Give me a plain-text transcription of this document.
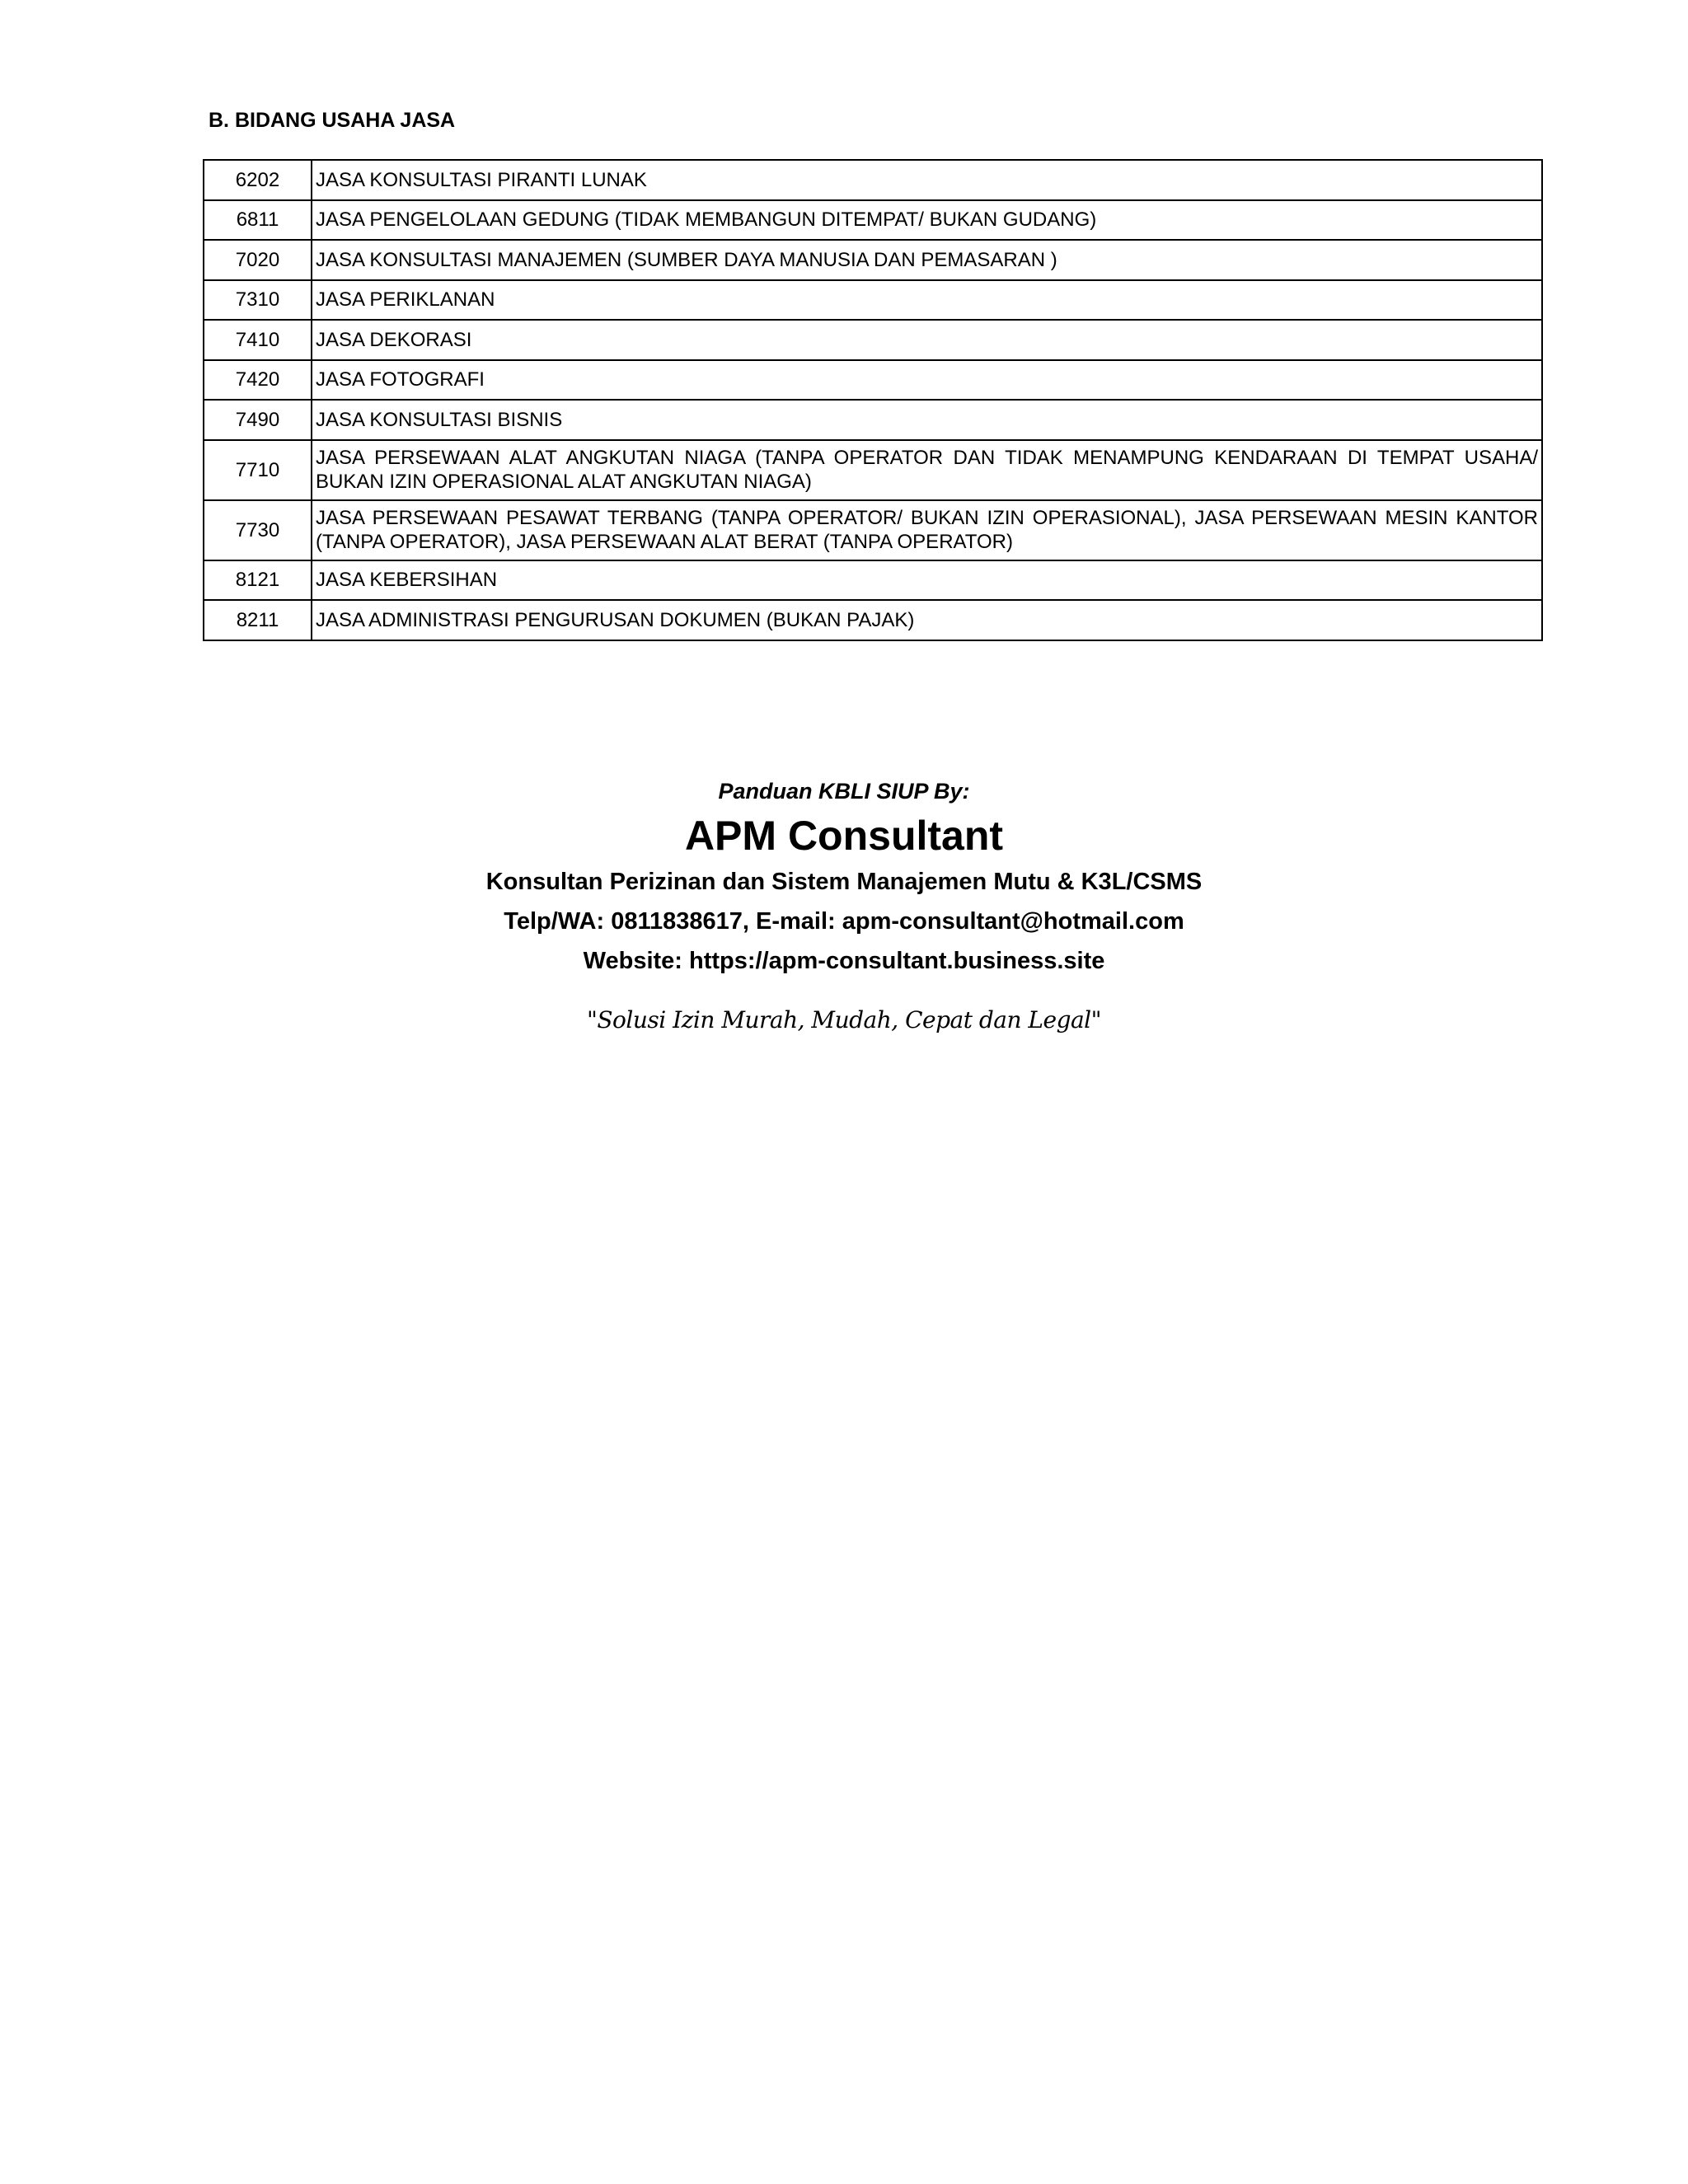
B. BIDANG USAHA JASA
6202	JASA KONSULTASI PIRANTI LUNAK
6811	JASA PENGELOLAAN GEDUNG (TIDAK MEMBANGUN DITEMPAT/ BUKAN GUDANG)
7020	JASA KONSULTASI MANAJEMEN (SUMBER DAYA MANUSIA DAN PEMASARAN )
7310	JASA PERIKLANAN
7410	JASA DEKORASI
7420	JASA FOTOGRAFI
7490	JASA KONSULTASI BISNIS
7710	JASA PERSEWAAN ALAT ANGKUTAN NIAGA (TANPA OPERATOR DAN TIDAK MENAMPUNG KENDARAAN DI TEMPAT USAHA/ BUKAN IZIN OPERASIONAL ALAT ANGKUTAN NIAGA)
7730	JASA PERSEWAAN PESAWAT TERBANG (TANPA OPERATOR/ BUKAN IZIN OPERASIONAL), JASA PERSEWAAN MESIN KANTOR (TANPA OPERATOR), JASA PERSEWAAN ALAT BERAT (TANPA OPERATOR)
8121	JASA KEBERSIHAN
8211	JASA ADMINISTRASI PENGURUSAN DOKUMEN (BUKAN PAJAK)
Panduan KBLI SIUP By:
APM Consultant
Konsultan Perizinan dan Sistem Manajemen Mutu & K3L/CSMS
Telp/WA: 0811838617, E-mail: apm-consultant@hotmail.com
Website: https://apm-consultant.business.site
"Solusi Izin Murah, Mudah, Cepat dan Legal"
